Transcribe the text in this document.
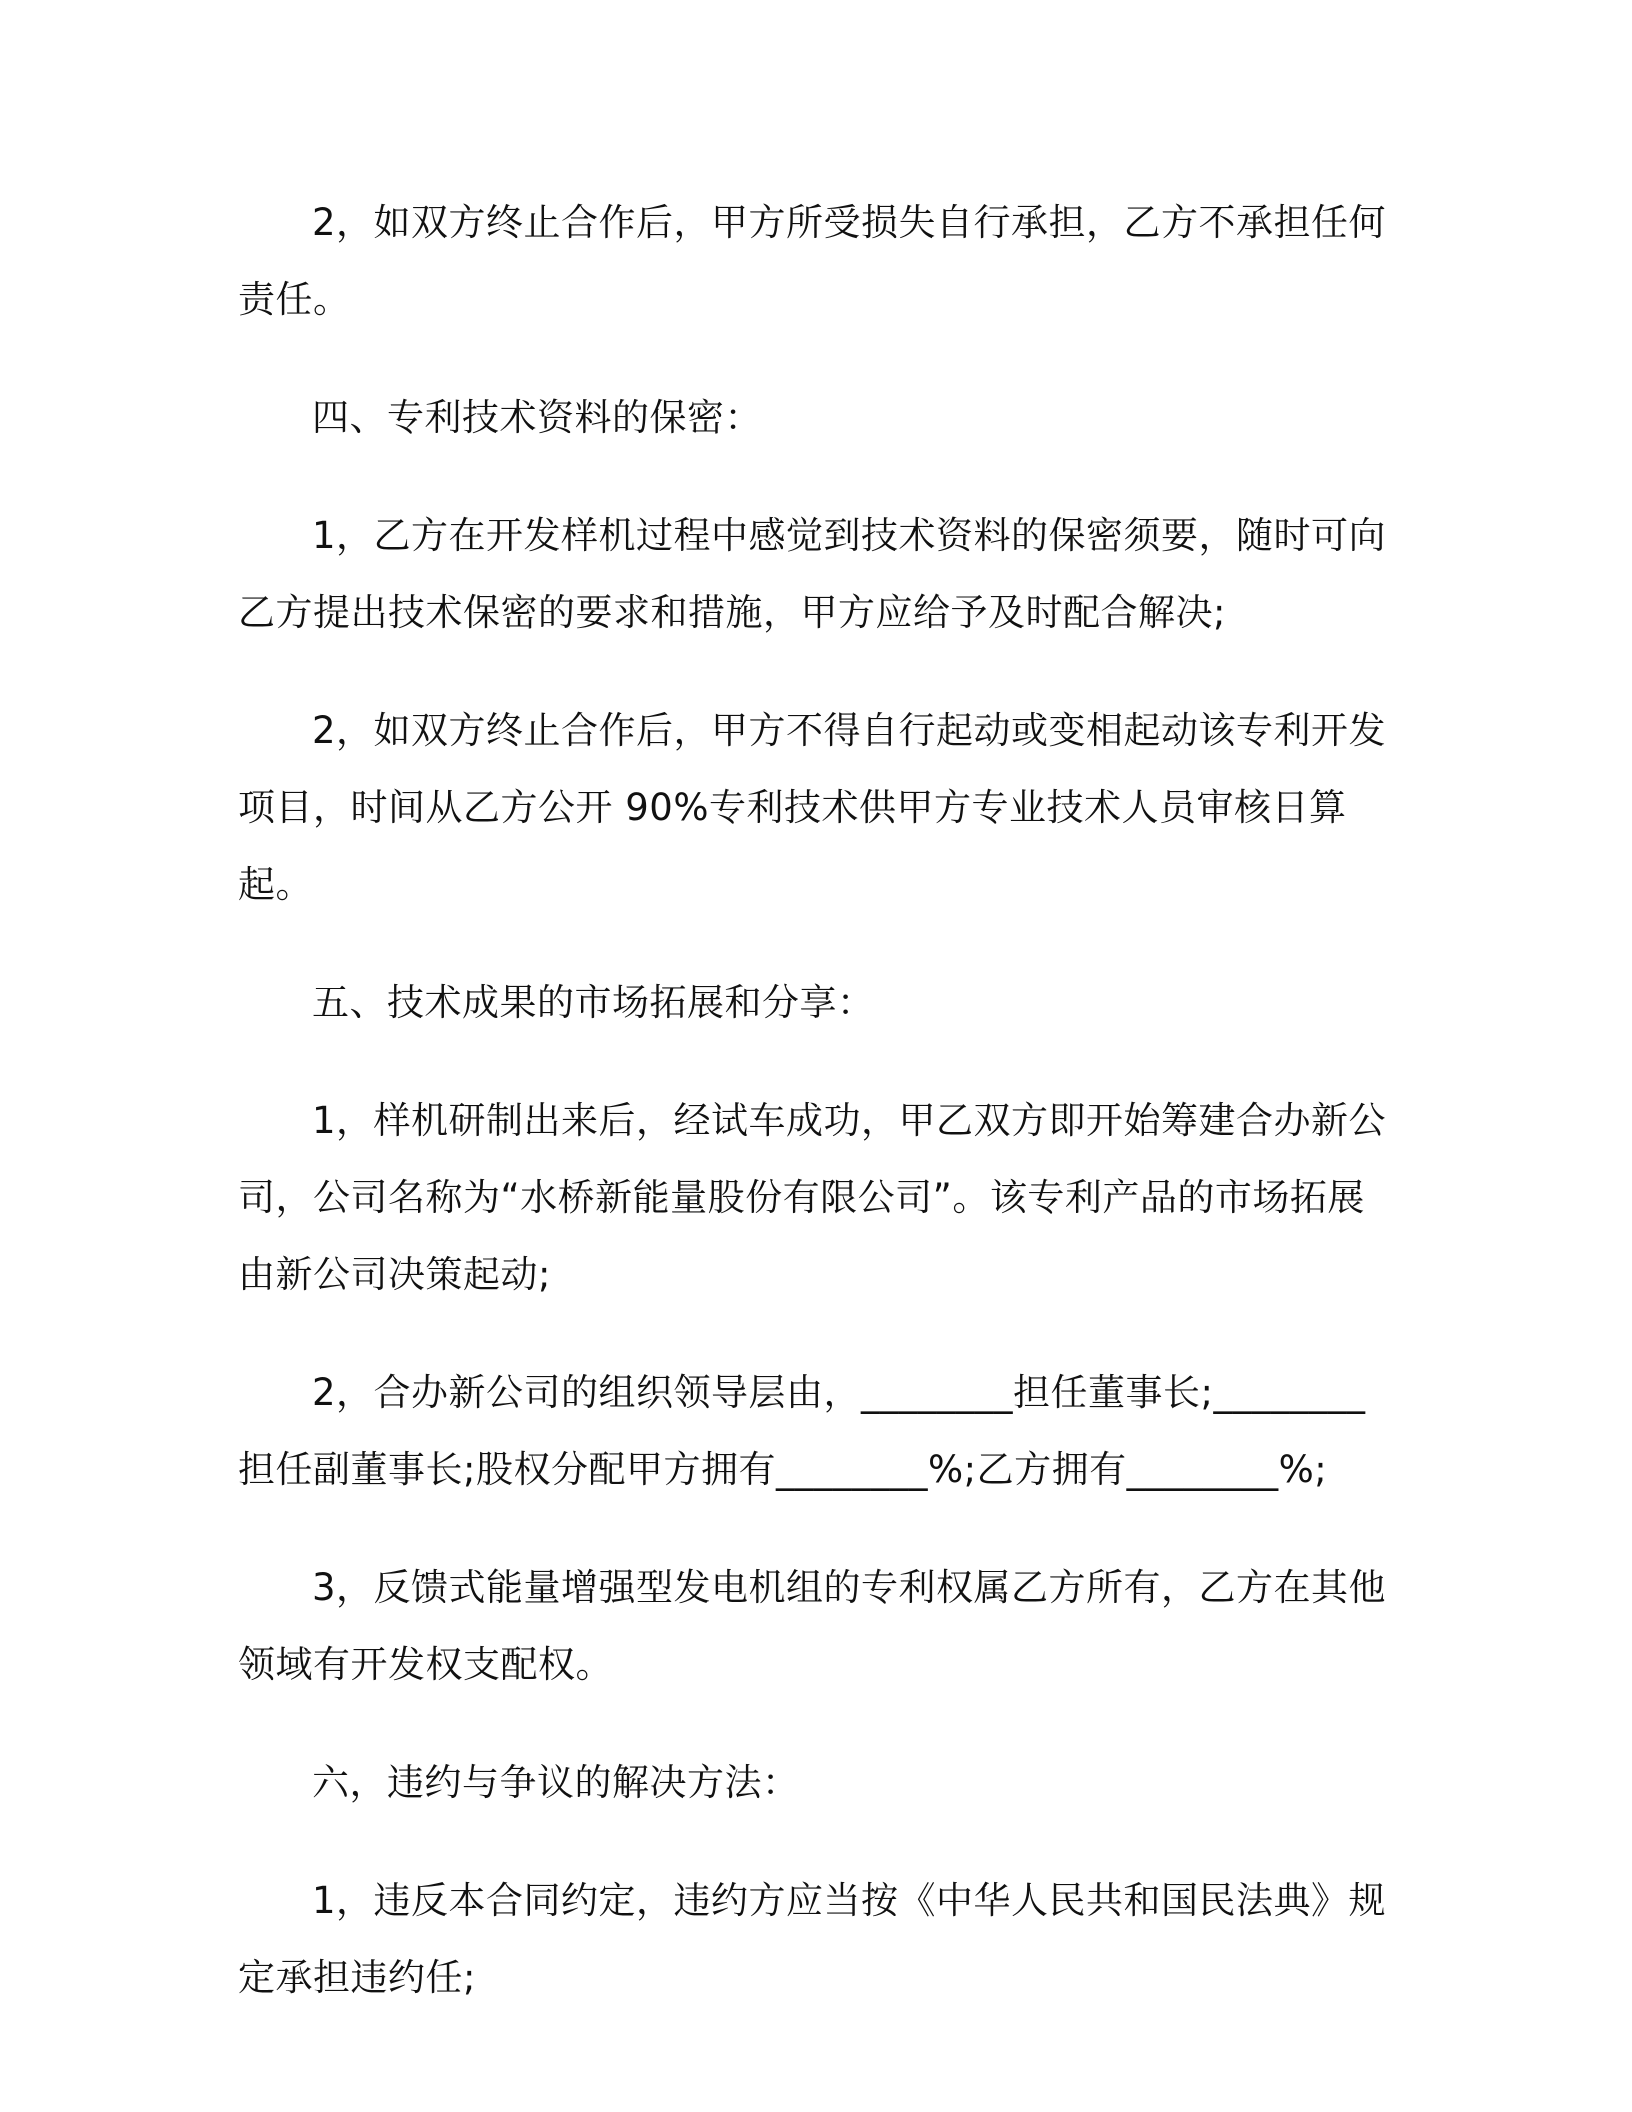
2，如双方终止合作后，甲方所受损失自行承担，乙方不承担任何责任。

四、专利技术资料的保密：

1，乙方在开发样机过程中感觉到技术资料的保密须要，随时可向乙方提出技术保密的要求和措施，甲方应给予及时配合解决;

2，如双方终止合作后，甲方不得自行起动或变相起动该专利开发项目，时间从乙方公开 90%专利技术供甲方专业技术人员审核日算起。

五、技术成果的市场拓展和分享：

1，样机研制出来后，经试车成功，甲乙双方即开始筹建合办新公司，公司名称为“水桥新能量股份有限公司”。该专利产品的市场拓展由新公司决策起动;

2，合办新公司的组织领导层由，________担任董事长;________担任副董事长;股权分配甲方拥有________%;乙方拥有________%;

3，反馈式能量增强型发电机组的专利权属乙方所有，乙方在其他领域有开发权支配权。

六，违约与争议的解决方法：

1，违反本合同约定，违约方应当按《中华人民共和国民法典》规定承担违约任;
